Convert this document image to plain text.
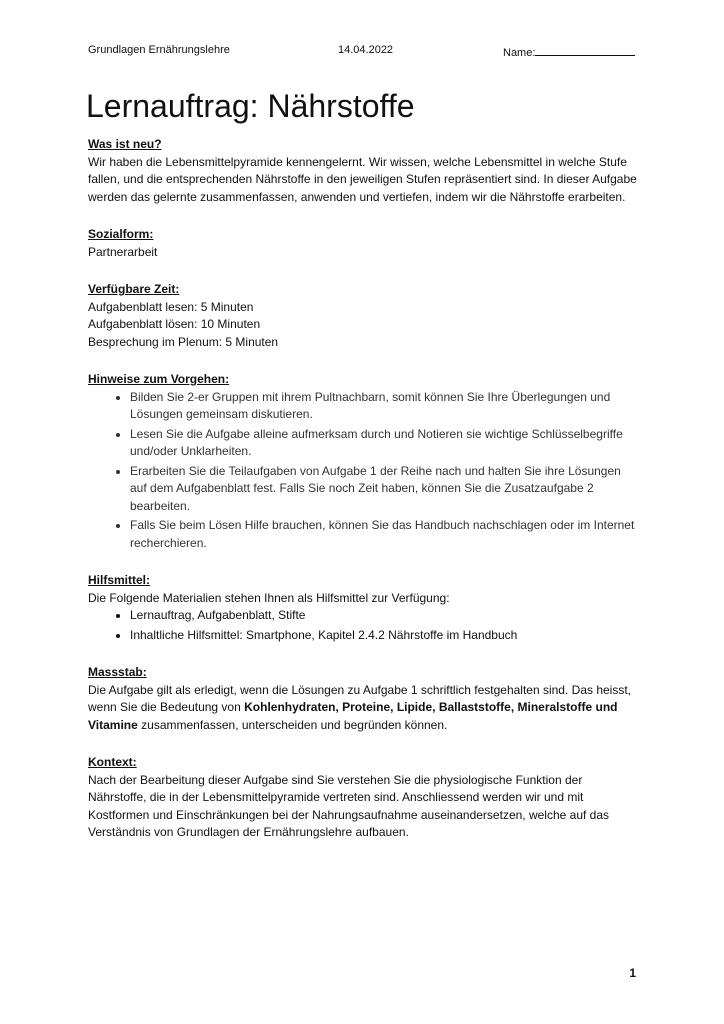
Grundlagen Ernährungslehre	14.04.2022	Name:
Lernauftrag: Nährstoffe

Was ist neu?

Wir haben die Lebensmittelpyramide kennengelernt. Wir wissen, welche Lebensmittel in welche Stufe fallen, und die entsprechenden Nährstoffe in den jeweiligen Stufen repräsentiert sind. In dieser Aufgabe werden das gelernte zusammenfassen, anwenden und vertiefen, indem wir die Nährstoffe erarbeiten.

Sozialform:

Partnerarbeit

Verfügbare Zeit:

Aufgabenblatt lesen: 5 Minuten

Aufgabenblatt lösen: 10 Minuten

Besprechung im Plenum: 5 Minuten

Hinweise zum Vorgehen:

• Bilden Sie 2-er Gruppen mit ihrem Pultnachbarn, somit können Sie Ihre Überlegungen und Lösungen gemeinsam diskutieren.
• Lesen Sie die Aufgabe alleine aufmerksam durch und Notieren sie wichtige Schlüsselbegriffe und/oder Unklarheiten.
• Erarbeiten Sie die Teilaufgaben von Aufgabe 1 der Reihe nach und halten Sie ihre Lösungen auf dem Aufgabenblatt fest. Falls Sie noch Zeit haben, können Sie die Zusatzaufgabe 2 bearbeiten.
• Falls Sie beim Lösen Hilfe brauchen, können Sie das Handbuch nachschlagen oder im Internet recherchieren.

Hilfsmittel:

Die Folgende Materialien stehen Ihnen als Hilfsmittel zur Verfügung:

• Lernauftrag, Aufgabenblatt, Stifte
• Inhaltliche Hilfsmittel: Smartphone, Kapitel 2.4.2 Nährstoffe im Handbuch

Massstab:

Die Aufgabe gilt als erledigt, wenn die Lösungen zu Aufgabe 1 schriftlich festgehalten sind. Das heisst, wenn Sie die Bedeutung von Kohlenhydraten, Proteine, Lipide, Ballaststoffe, Mineralstoffe und Vitamine zusammenfassen, unterscheiden und begründen können.

Kontext:

Nach der Bearbeitung dieser Aufgabe sind Sie verstehen Sie die physiologische Funktion der Nährstoffe, die in der Lebensmittelpyramide vertreten sind. Anschliessend werden wir und mit Kostformen und Einschränkungen bei der Nahrungsaufnahme auseinandersetzen, welche auf das Verständnis von Grundlagen der Ernährungslehre aufbauen.

1
